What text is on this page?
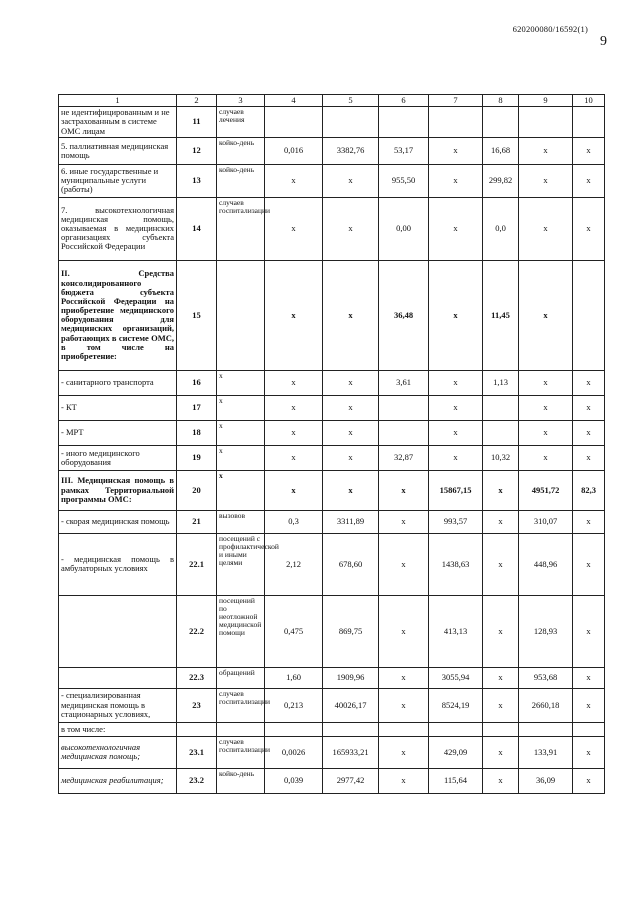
620200080/16592(1)
9
1	2	3	4	5	6	7	8	9	10
не идентифицированным и не застрахованным в системе ОМС лицам	11	случаев лечения							
5. паллиативная медицинская помощь	12	койко-день	0,016	3382,76	53,17	х	16,68	х	х
6. иные государственные и муниципальные услуги (работы)	13	койко-день	х	х	955,50	х	299,82	х	х
7. высокотехнологичная медицинская помощь, оказываемая в медицинских организациях субъекта Российской Федерации	14	случаев госпитализации	х	х	0,00	х	0,0	х	х
II. Средства консолидированного бюджета субъекта Российской Федерации на приобретение медицинского оборудования для медицинских организаций, работающих в системе ОМС, в том числе на приобретение:	15		х	х	36,48	х	11,45	х	
- санитарного транспорта	16	х	х	х	3,61	х	1,13	х	х
- КТ	17	х	х	х		х		х	х
- МРТ	18	х	х	х		х		х	х
- иного медицинского оборудования	19	х	х	х	32,87	х	10,32	х	х
III. Медицинская помощь в рамках Территориальной программы ОМС:	20	х	х	х	х	15867,15	х	4951,72	82,3
- скорая медицинская помощь	21	вызовов	0,3	3311,89	х	993,57	х	310,07	х
- медицинская помощь в амбулаторных условиях	22.1	посещений с профилактической и иными целями	2,12	678,60	х	1438,63	х	448,96	х
	22.2	посещений по неотложной медицинской помощи	0,475	869,75	х	413,13	х	128,93	х
	22.3	обращений	1,60	1909,96	х	3055,94	х	953,68	х
- специализированная медицинская помощь в стационарных условиях,	23	случаев госпитализации	0,213	40026,17	х	8524,19	х	2660,18	х
в том числе:									
высокотехнологичная медицинская помощь;	23.1	случаев госпитализации	0,0026	165933,21	х	429,09	х	133,91	х
медицинская реабилитация;	23.2	койко-день	0,039	2977,42	х	115,64	х	36,09	х
